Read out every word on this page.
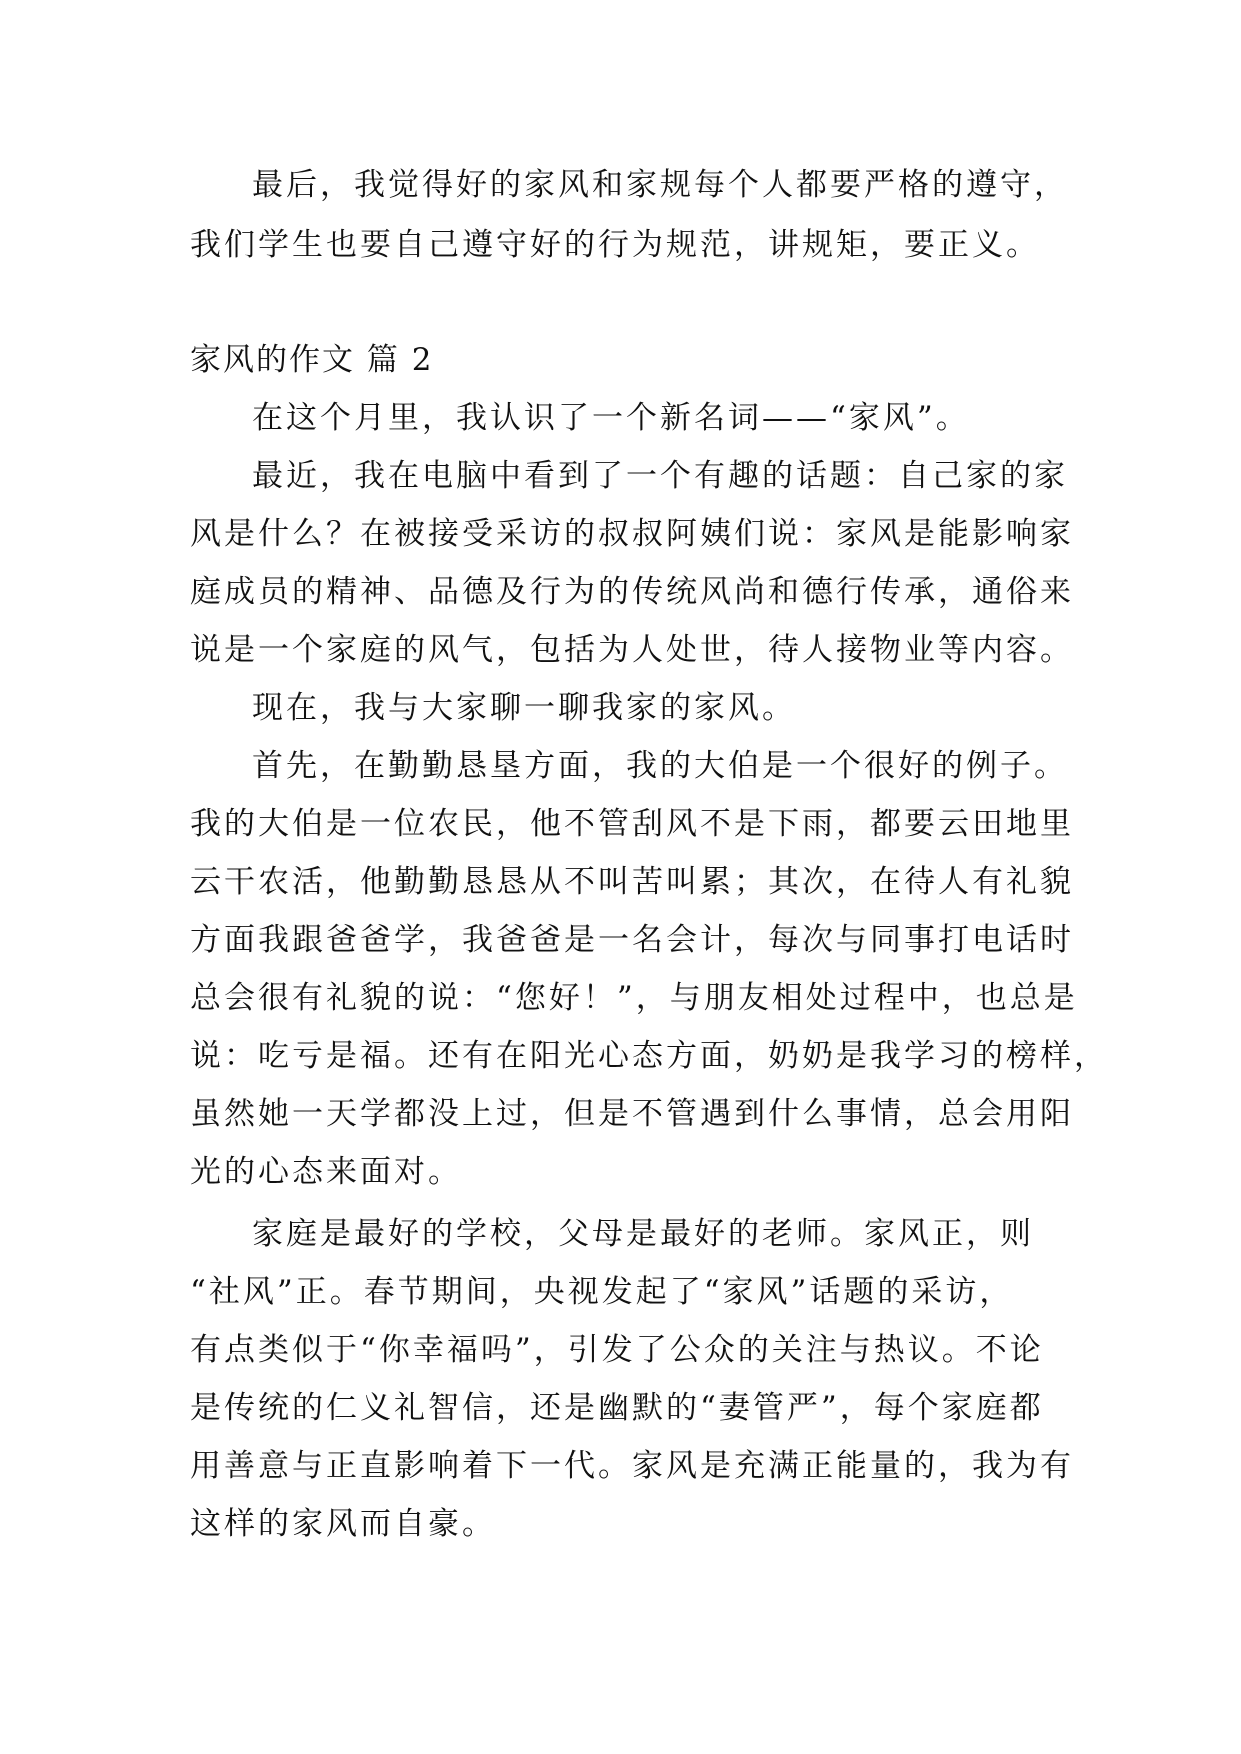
最后，我觉得好的家风和家规每个人都要严格的遵守，
我们学生也要自己遵守好的行为规范，讲规矩，要正义。
家风的作文 篇 2
在这个月里，我认识了一个新名词——“家风”。
最近，我在电脑中看到了一个有趣的话题：自己家的家
风是什么？在被接受采访的叔叔阿姨们说：家风是能影响家
庭成员的精神、品德及行为的传统风尚和德行传承，通俗来
说是一个家庭的风气，包括为人处世，待人接物业等内容。
现在，我与大家聊一聊我家的家风。
首先，在勤勤恳垦方面，我的大伯是一个很好的例子。
我的大伯是一位农民，他不管刮风不是下雨，都要云田地里
云干农活，他勤勤恳恳从不叫苦叫累；其次，在待人有礼貌
方面我跟爸爸学，我爸爸是一名会计，每次与同事打电话时
总会很有礼貌的说：“您好！”，与朋友相处过程中，也总是
说：吃亏是福。还有在阳光心态方面，奶奶是我学习的榜样，
虽然她一天学都没上过，但是不管遇到什么事情，总会用阳
光的心态来面对。
家庭是最好的学校，父母是最好的老师。家风正，则
“社风”正。春节期间，央视发起了“家风”话题的采访，
有点类似于“你幸福吗”，引发了公众的关注与热议。不论
是传统的仁义礼智信，还是幽默的“妻管严”，每个家庭都
用善意与正直影响着下一代。家风是充满正能量的，我为有
这样的家风而自豪。
